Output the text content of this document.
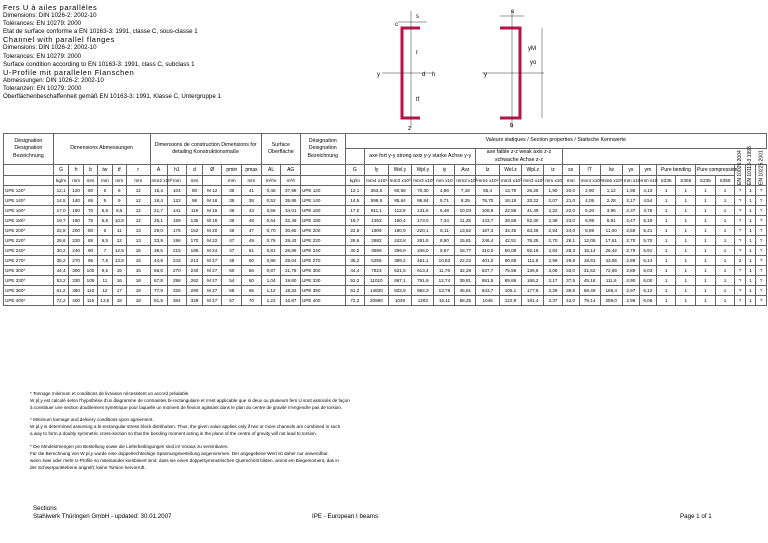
Fers U à ailes parallèles
Dimensions: DIN 1026-2: 2002-10
Tolérances: EN 10279: 2000
Etat de surface conforme a EN 10163-3: 1991, classe C, sous-classe 1
Channel with parallel flanges
Dimensions: DIN 1026-2: 2002-10
Tolerances: EN 10279: 2000
Surface condition according to EN 10163-3: 1991, class C, subclass 1
U-Profile mit parallelen Flanschen
Abmessungen: DIN 1026-2: 2002-10
Toleranzen: EN 10279: 2000
Oberflächenbeschaffenheit gemäß EN 10163-3: 1991, Klasse C, Untergruppe 1
e
s
c
y
r
d h
tf
z
yo
yM
y
b
Désignation Designation Bezeichnung	Dimensions Abmessungen						Dimensions de construction Dimensions for detailing Konstruktionsmaße						Surface Oberfläche		Désignation Designation Bezeichnung	Valeurs statiques / Section properties / Statische Kennwerte																					
																	axe fort y-y strong axis y-y starke Achse y-y					axe faible z-z weak axis z-z schwache Achse z-z															
	G	h	b	tw	tf	r	A	h1	d	Ø	pmin	pmax	AL	AG		G	Iy	Wel.y	Wpl.y	iy	Avz	Iz	Wel.z	Wpl.z	iz	ss	IT	Iw	ys	ym	Pure bending		Pure compression		EN 10025:2004	EN 10113-3:1993	EN 10225:2001
	kg/m	mm	mm	mm	mm	mm	mm2 x10²	mm	mm		mm	mm	m²/m	m²/t		kg/m	mm4 x10⁴	mm3 x10³	mm3 x10³	mm x10	mm2 x10²	mm4 x10⁴	mm3 x10³	mm3 x10³	mm x10	mm	mm4 x10⁴	mm6 x10⁹	mm x10	mm x10	S235	S355	S235	S355			
UPE 120*	12,1	120	60	5	8	12	15,4	104	80	M 12	35	41	0,46	37,98	UPE 120	12,1	363,5	60,58	70,30	4,86	7,18	55,4	13,79	25,26	1,90	20,0	2,90	1,12	1,95	4,13	1	1	1	1	?	1	?
UPE 140*	14,5	140	65	5	9	12	18,4	122	98	M 16	35	38	0,52	35,95	UPE 140	14,5	599,5	85,64	98,84	5,71	8,25	78,70	18,19	33,22	2,07	21,0	4,05	2,28	2,17	4,54	1	1	1	1	?	1	?
UPE 160*	17,0	160	70	5,5	9,5	12	21,7	141	116	M 16	36	43	0,58	34,01	UPE 160	17,0	911,1	113,9	131,6	6,48	10,04	106,8	22,58	41,49	2,22	22,0	5,20	3,96	2,37	4,76	1	1	1	1	?	1	?
UPE 180*	19,7	180	75	5,5	10,5	12	25,1	159	135	M 16	36	48	0,64	32,49	UPE 180	19,7	1353	150,4	173,0	7,34	11,25	143,7	28,58	52,30	2,39	23,0	6,99	6,81	2,47	5,19	1	1	1	1	?	1	?
UPE 200*	22,8	200	80	6	11	13	29,0	178	152	M 20	46	47	0,70	30,65	UPE 200	22,8	1909	190,9	220,1	8,11	13,52	187,3	34,45	63,28	2,54	24,0	8,89	11,00	2,56	5,41	1	1	1	1	?	1	?
UPE 220*	26,6	220	85	6,5	12	13	33,9	196	170	M 22	47	49	0,76	28,43	UPE 220	26,6	2682	243,8	281,5	8,90	15,81	246,4	42,51	78,25	2,70	26,1	12,05	17,61	2,70	5,70	1	1	1	1	?	1	?
UPE 240*	30,2	240	90	7	12,5	15	38,5	215	185	M 24	47	51	0,81	26,89	UPE 240	30,2	3599	299,9	346,0	9,67	18,77	310,0	50,08	92,18	2,84	28,3	15,14	26,42	2,79	5,91	1	1	1	1	?	1	?
UPE 270*	35,2	270	95	7,5	13,5	15	44,8	243	213	M 27	48	50	0,88	25,04	UPE 270	35,2	5255	389,2	451,1	10,83	22,23	401,0	60,69	111,8	2,99	29,8	19,91	43,55	2,89	6,14	1	1	1	1	2	1	?
UPE 300*	44,4	300	100	9,5	15	15	56,6	270	240	M 27	50	56	0,97	21,78	UPE 300	44,4	7823	521,5	613,4	11,76	32,28	537,7	75,58	136,8	3,08	33,0	31,52	72,66	2,89	6,03	1	1	1	1	?	1	?
UPE 330*	53,2	330	105	11	16	18	67,8	298	262	M 27	54	60	1,04	19,60	UPE 330	53,2	11010	667,1	791,9	12,74	39,81	681,5	89,66	166,2	3,17	37,5	45,18	111,6	2,90	6,00	1	1	1	1	?	1	?
UPE 360*	61,2	360	110	12	17	18	77,9	326	290	M 27	55	65	1,12	18,32	UPE 360	61,2	14830	823,8	982,3	13,79	45,81	843,7	105,1	177,8	3,29	39,5	58,49	166,4	2,97	6,12	1	1	1	1	?	1	?
UPE 400*	72,2	400	115	13,5	18	18	91,9	364	328	M 27	57	70	1,22	16,87	UPE 400	72,2	20980	1049	1263	15,11	58,25	1045	122,9	191,4	3,37	42,0	79,14	259,0	2,98	6,06	1	1	1	1	?	1	?

* Tonnage minimum et conditions de livraison nécessitent un accord préalable.
W pl,y est calculé selon l'hypothèse d'un diagramme de contraintes bi-rectangulaire et n'est applicable que si deux ou plusieurs fers U sont associés de façon
à constituer une section doublement symétrique pour laquelle un moment de flexion agissant dans le plan du centre de gravité n'engendre pas de torsion.

* Minimum tonnage and delivery conditions upon agreement.
W pl,y is determined assuming a bi-rectangular stress block distribution. Thus, the given value applies only if two or more channels are combined in such
a way to form a doubly symmetric cross-section so that the bending moment acting in the plane of the centre of gravity will not lead to torsion.

* Die Mindestmengen pro Bestellung sowie die Lieferbedingungen sind im Voraus zu vereinbaren.
Für die Berechnung von W pl,y wurde eine doppelrechteckige Spannungsverteilung angenommen. Der angegebene Wert ist daher nur anwendbar,
wenn zwei oder mehr U-Profile so miteinander kombiniert sind, dass sie einen doppelsymmetrischen Querschnitt bilden, womit ein Biegemoment, das in
der Schwerpunktebene angreift, keine Torsion hervorruft.

Sections
Stahlwerk Thüringen GmbH - updated: 30.01.2007	IPE - European I beams	Page 1 of 1
